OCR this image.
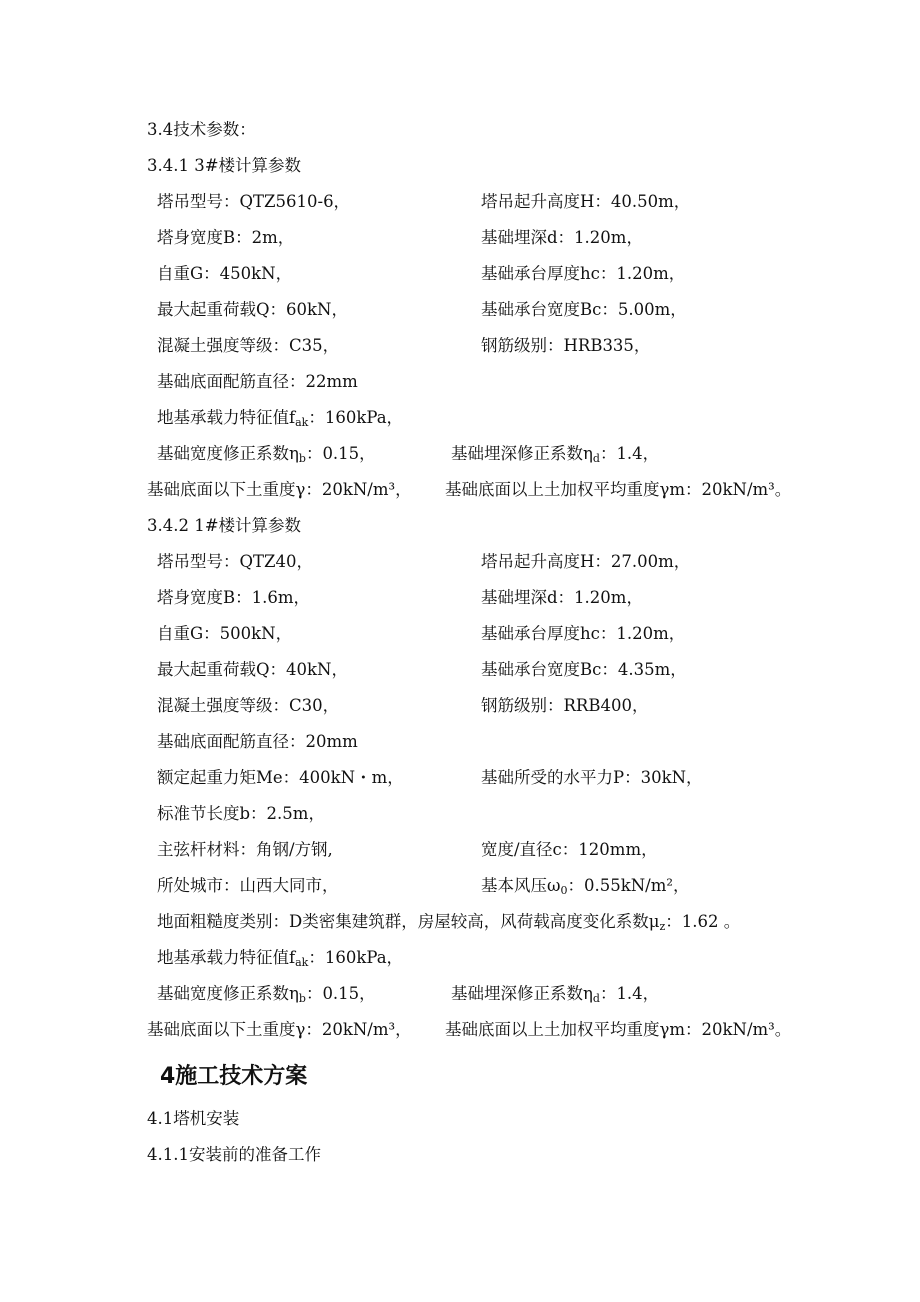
3.4技术参数：
3.4.1 3#楼计算参数
塔吊型号：QTZ5610-6，	塔吊起升高度H：40.50m，
塔身宽度B：2m，	基础埋深d：1.20m，
自重G：450kN，	基础承台厚度hc：1.20m，
最大起重荷载Q：60kN，	基础承台宽度Bc：5.00m，
混凝土强度等级：C35，	钢筋级别：HRB335，
基础底面配筋直径：22mm
地基承载力特征值$f_{ak}$：160kPa，
基础宽度修正系数$\eta_b$：0.15，	基础埋深修正系数$\eta_d$：1.4，
基础底面以下土重度γ：20kN/m³， 基础底面以上土加权平均重度γm：20kN/m³。
3.4.2 1#楼计算参数
塔吊型号：QTZ40，	塔吊起升高度H：27.00m，
塔身宽度B：1.6m，	基础埋深d：1.20m，
自重G：500kN，	基础承台厚度hc：1.20m，
最大起重荷载Q：40kN，	基础承台宽度Bc：4.35m，
混凝土强度等级：C30，	钢筋级别：RRB400，
基础底面配筋直径：20mm
额定起重力矩Me：400kN・m，	基础所受的水平力P：30kN，
标准节长度b：2.5m，
主弦杆材料：角钢/方钢,	宽度/直径c：120mm，
所处城市：山西大同市，	基本风压$\omega_0$：0.55kN/m²，
地面粗糙度类别：D类密集建筑群，房屋较高，风荷载高度变化系数$\mu_z$：1.62 。
地基承载力特征值$f_{ak}$：160kPa，
基础宽度修正系数$\eta_b$：0.15，	基础埋深修正系数$\eta_d$：1.4，
基础底面以下土重度γ：20kN/m³， 基础底面以上土加权平均重度γm：20kN/m³。
4施工技术方案
4.1塔机安装
4.1.1安装前的准备工作
